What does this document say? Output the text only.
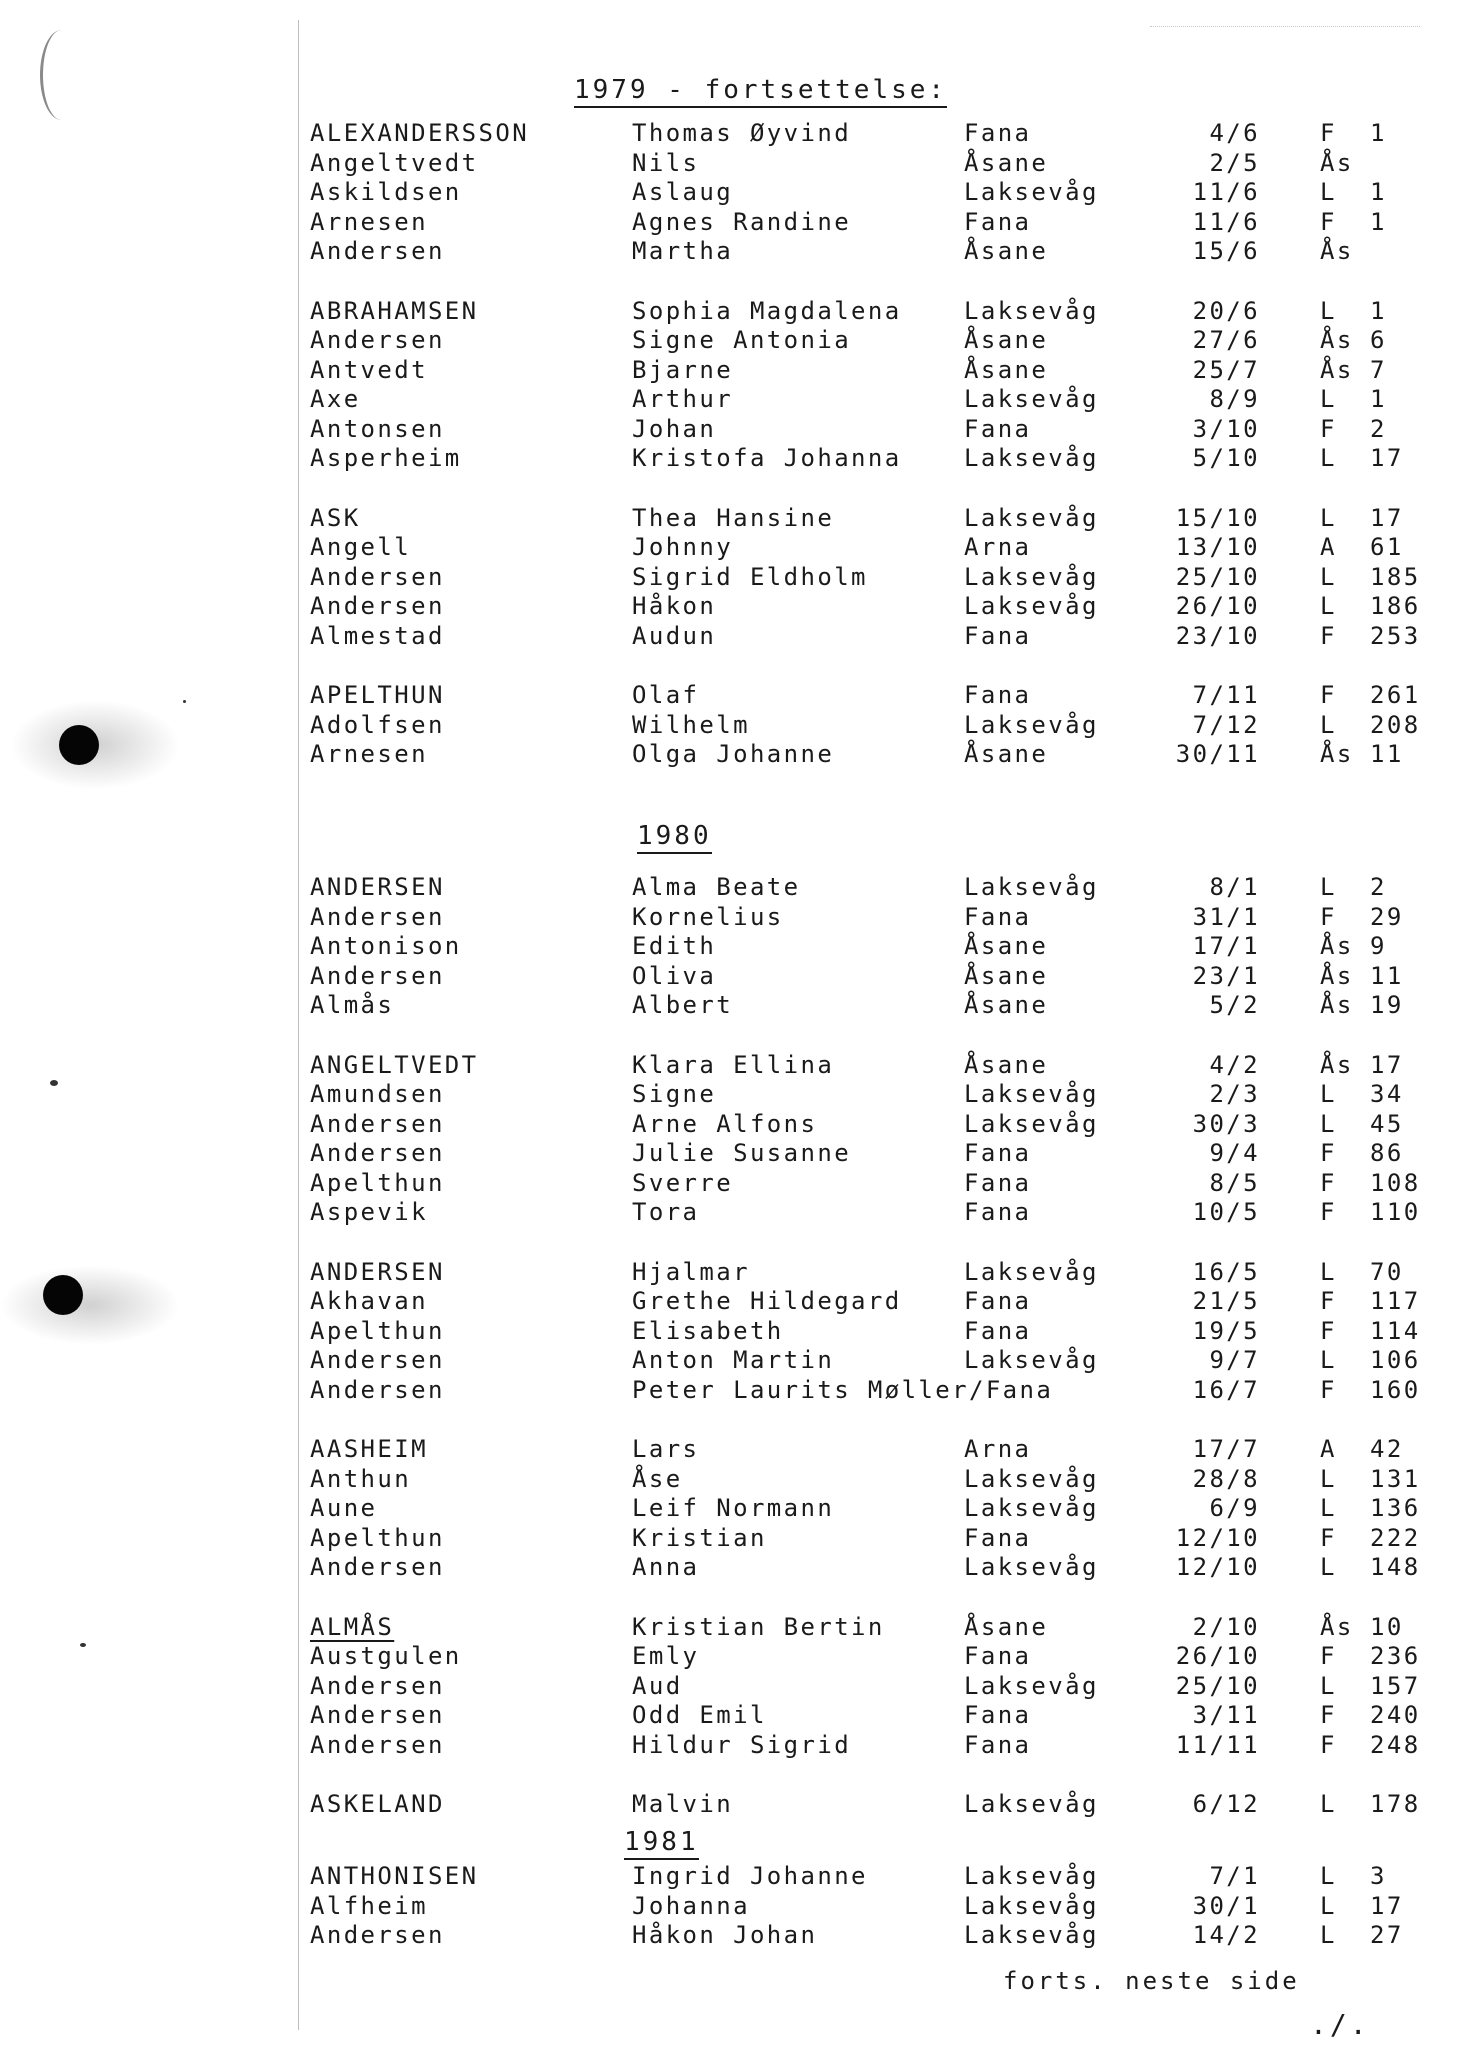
1979 - fortsettelse:
ALEXANDERSSON	Thomas Øyvind	Fana	4/6	F 1
Angeltvedt	Nils	Åsane	2/5	Ås
Askildsen	Aslaug	Laksevåg	11/6	L 1
Arnesen	Agnes Randine	Fana	11/6	F 1
Andersen	Martha	Åsane	15/6	Ås
ABRAHAMSEN	Sophia Magdalena	Laksevåg	20/6	L 1
Andersen	Signe Antonia	Åsane	27/6	Ås 6
Antvedt	Bjarne	Åsane	25/7	Ås 7
Axe	Arthur	Laksevåg	8/9	L 1
Antonsen	Johan	Fana	3/10	F 2
Asperheim	Kristofa Johanna	Laksevåg	5/10	L 17
ASK	Thea Hansine	Laksevåg	15/10	L 17
Angell	Johnny	Arna	13/10	A 61
Andersen	Sigrid Eldholm	Laksevåg	25/10	L 185
Andersen	Håkon	Laksevåg	26/10	L 186
Almestad	Audun	Fana	23/10	F 253
APELTHUN	Olaf	Fana	7/11	F 261
Adolfsen	Wilhelm	Laksevåg	7/12	L 208
Arnesen	Olga Johanne	Åsane	30/11	Ås 11
1980
ANDERSEN	Alma Beate	Laksevåg	8/1	L 2
Andersen	Kornelius	Fana	31/1	F 29
Antonison	Edith	Åsane	17/1	Ås 9
Andersen	Oliva	Åsane	23/1	Ås 11
Almås	Albert	Åsane	5/2	Ås 19
ANGELTVEDT	Klara Ellina	Åsane	4/2	Ås 17
Amundsen	Signe	Laksevåg	2/3	L 34
Andersen	Arne Alfons	Laksevåg	30/3	L 45
Andersen	Julie Susanne	Fana	9/4	F 86
Apelthun	Sverre	Fana	8/5	F 108
Aspevik	Tora	Fana	10/5	F 110
ANDERSEN	Hjalmar	Laksevåg	16/5	L 70
Akhavan	Grethe Hildegard	Fana	21/5	F 117
Apelthun	Elisabeth	Fana	19/5	F 114
Andersen	Anton Martin	Laksevåg	9/7	L 106
Andersen	Peter Laurits Møller/Fana	16/7	F 160
AASHEIM	Lars	Arna	17/7	A 42
Anthun	Åse	Laksevåg	28/8	L 131
Aune	Leif Normann	Laksevåg	6/9	L 136
Apelthun	Kristian	Fana	12/10	F 222
Andersen	Anna	Laksevåg	12/10	L 148
ALMÅS	Kristian Bertin	Åsane	2/10	Ås 10
Austgulen	Emly	Fana	26/10	F 236
Andersen	Aud	Laksevåg	25/10	L 157
Andersen	Odd Emil	Fana	3/11	F 240
Andersen	Hildur Sigrid	Fana	11/11	F 248
ASKELAND	Malvin	Laksevåg	6/12	L 178
1981
ANTHONISEN	Ingrid Johanne	Laksevåg	7/1	L 3
Alfheim	Johanna	Laksevåg	30/1	L 17
Andersen	Håkon Johan	Laksevåg	14/2	L 27
forts. neste side
./.
